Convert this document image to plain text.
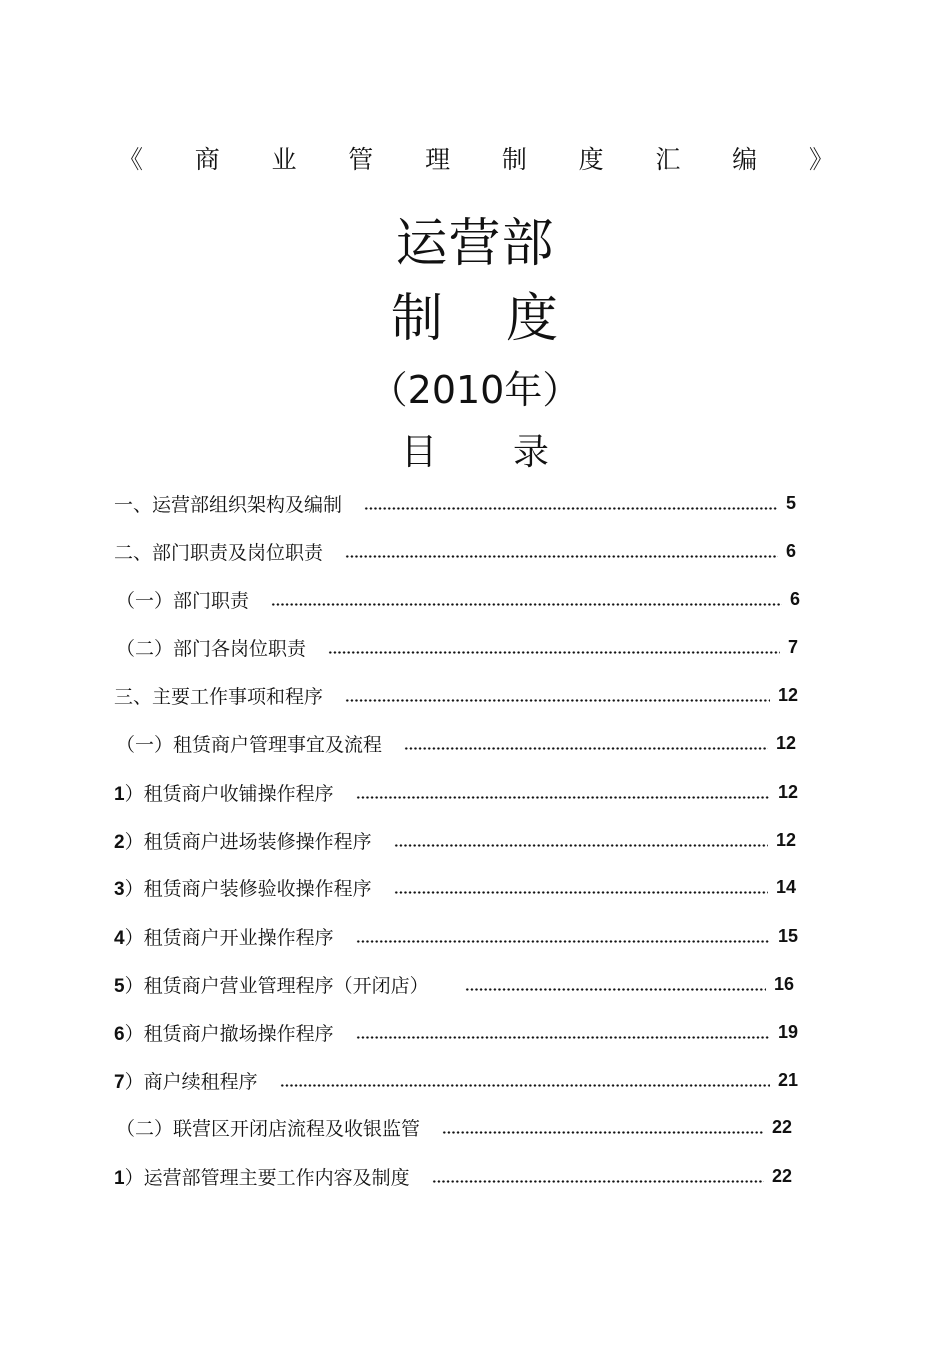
《 商 业 管 理 制 度 汇 编 》
运营部
制 度
（2010年）
目 录
一、运营部组织架构及编制	5
二、部门职责及岗位职责	6
（一）部门职责	6
（二）部门各岗位职责	7
三、主要工作事项和程序	12
（一）租赁商户管理事宜及流程	12
1）租赁商户收铺操作程序	12
2）租赁商户进场装修操作程序	12
3）租赁商户装修验收操作程序	14
4）租赁商户开业操作程序	15
5）租赁商户营业管理程序（开闭店）	16
6）租赁商户撤场操作程序	19
7）商户续租程序	21
（二）联营区开闭店流程及收银监管	22
1）运营部管理主要工作内容及制度	22
